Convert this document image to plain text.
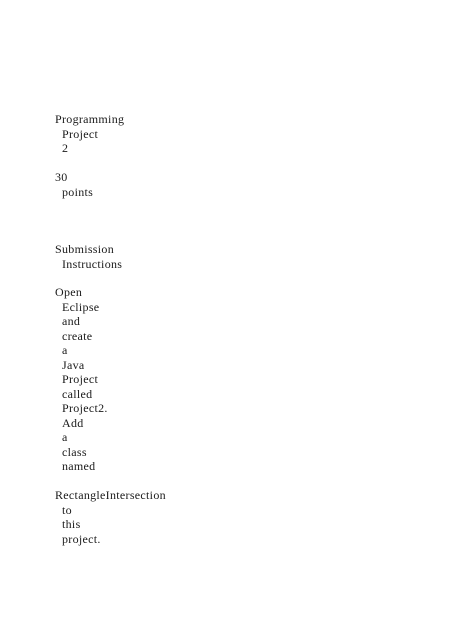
Programming
Project
2
30
points
Submission
Instructions
Open
Eclipse
and
create
a
Java
Project
called
Project2.
Add
a
class
named
RectangleIntersection
to
this
project.
